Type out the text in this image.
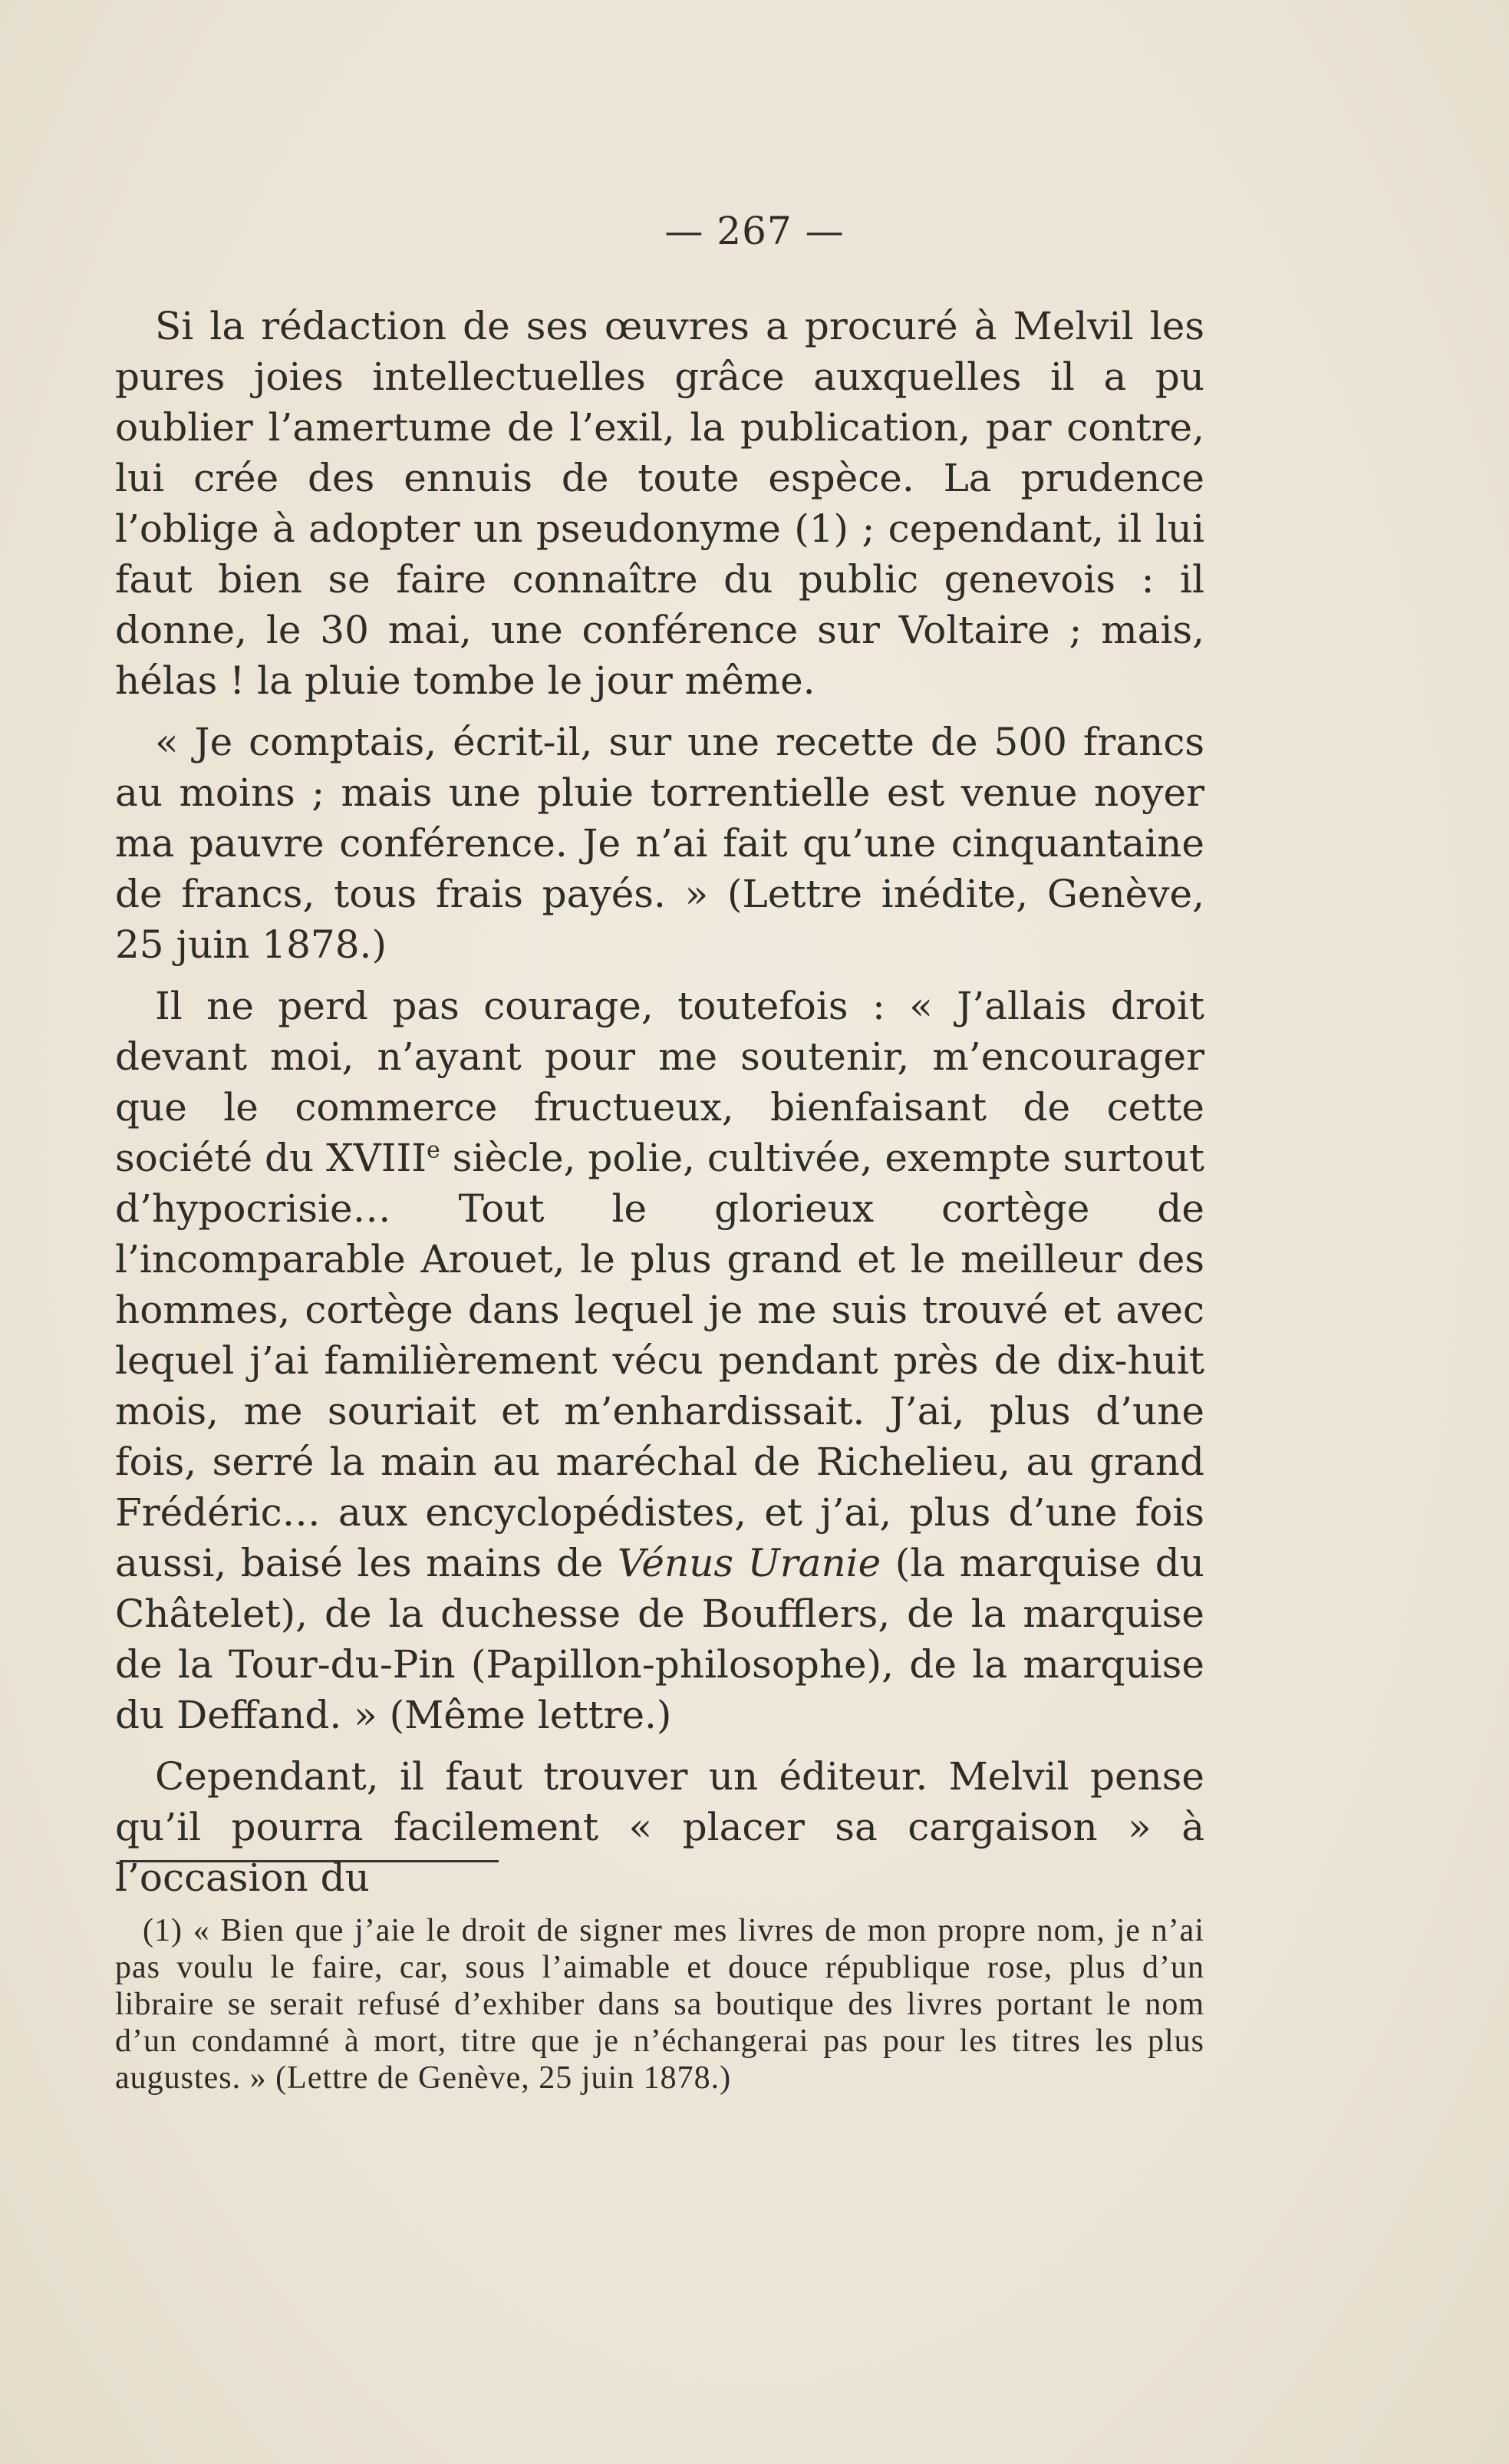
— 267 —

Si la rédaction de ses œuvres a procuré à Melvil les pures joies intellectuelles grâce auxquelles il a pu oublier l’amertume de l’exil, la publication, par contre, lui crée des ennuis de toute espèce. La prudence l’oblige à adopter un pseudonyme (1) ; cependant, il lui faut bien se faire connaître du public genevois : il donne, le 30 mai, une conférence sur Voltaire ; mais, hélas ! la pluie tombe le jour même.

« Je comptais, écrit-il, sur une recette de 500 francs au moins ; mais une pluie torrentielle est venue noyer ma pauvre conférence. Je n’ai fait qu’une cinquantaine de francs, tous frais payés. » (Lettre inédite, Genève, 25 juin 1878.)

Il ne perd pas courage, toutefois : « J’allais droit devant moi, n’ayant pour me soutenir, m’encourager que le commerce fructueux, bienfaisant de cette société du XVIIIe siècle, polie, cultivée, exempte surtout d’hypocrisie… Tout le glorieux cortège de l’incomparable Arouet, le plus grand et le meilleur des hommes, cortège dans lequel je me suis trouvé et avec lequel j’ai familièrement vécu pendant près de dix-huit mois, me souriait et m’enhardissait. J’ai, plus d’une fois, serré la main au maréchal de Richelieu, au grand Frédéric… aux encyclopédistes, et j’ai, plus d’une fois aussi, baisé les mains de Vénus Uranie (la marquise du Châtelet), de la duchesse de Boufflers, de la marquise de la Tour-du-Pin (Papillon-philosophe), de la marquise du Deffand. » (Même lettre.)

Cependant, il faut trouver un éditeur. Melvil pense qu’il pourra facilement « placer sa cargaison » à l’occasion du

(1) « Bien que j’aie le droit de signer mes livres de mon propre nom, je n’ai pas voulu le faire, car, sous l’aimable et douce république rose, plus d’un libraire se serait refusé d’exhiber dans sa boutique des livres portant le nom d’un condamné à mort, titre que je n’échangerai pas pour les titres les plus augustes. » (Lettre de Genève, 25 juin 1878.)
